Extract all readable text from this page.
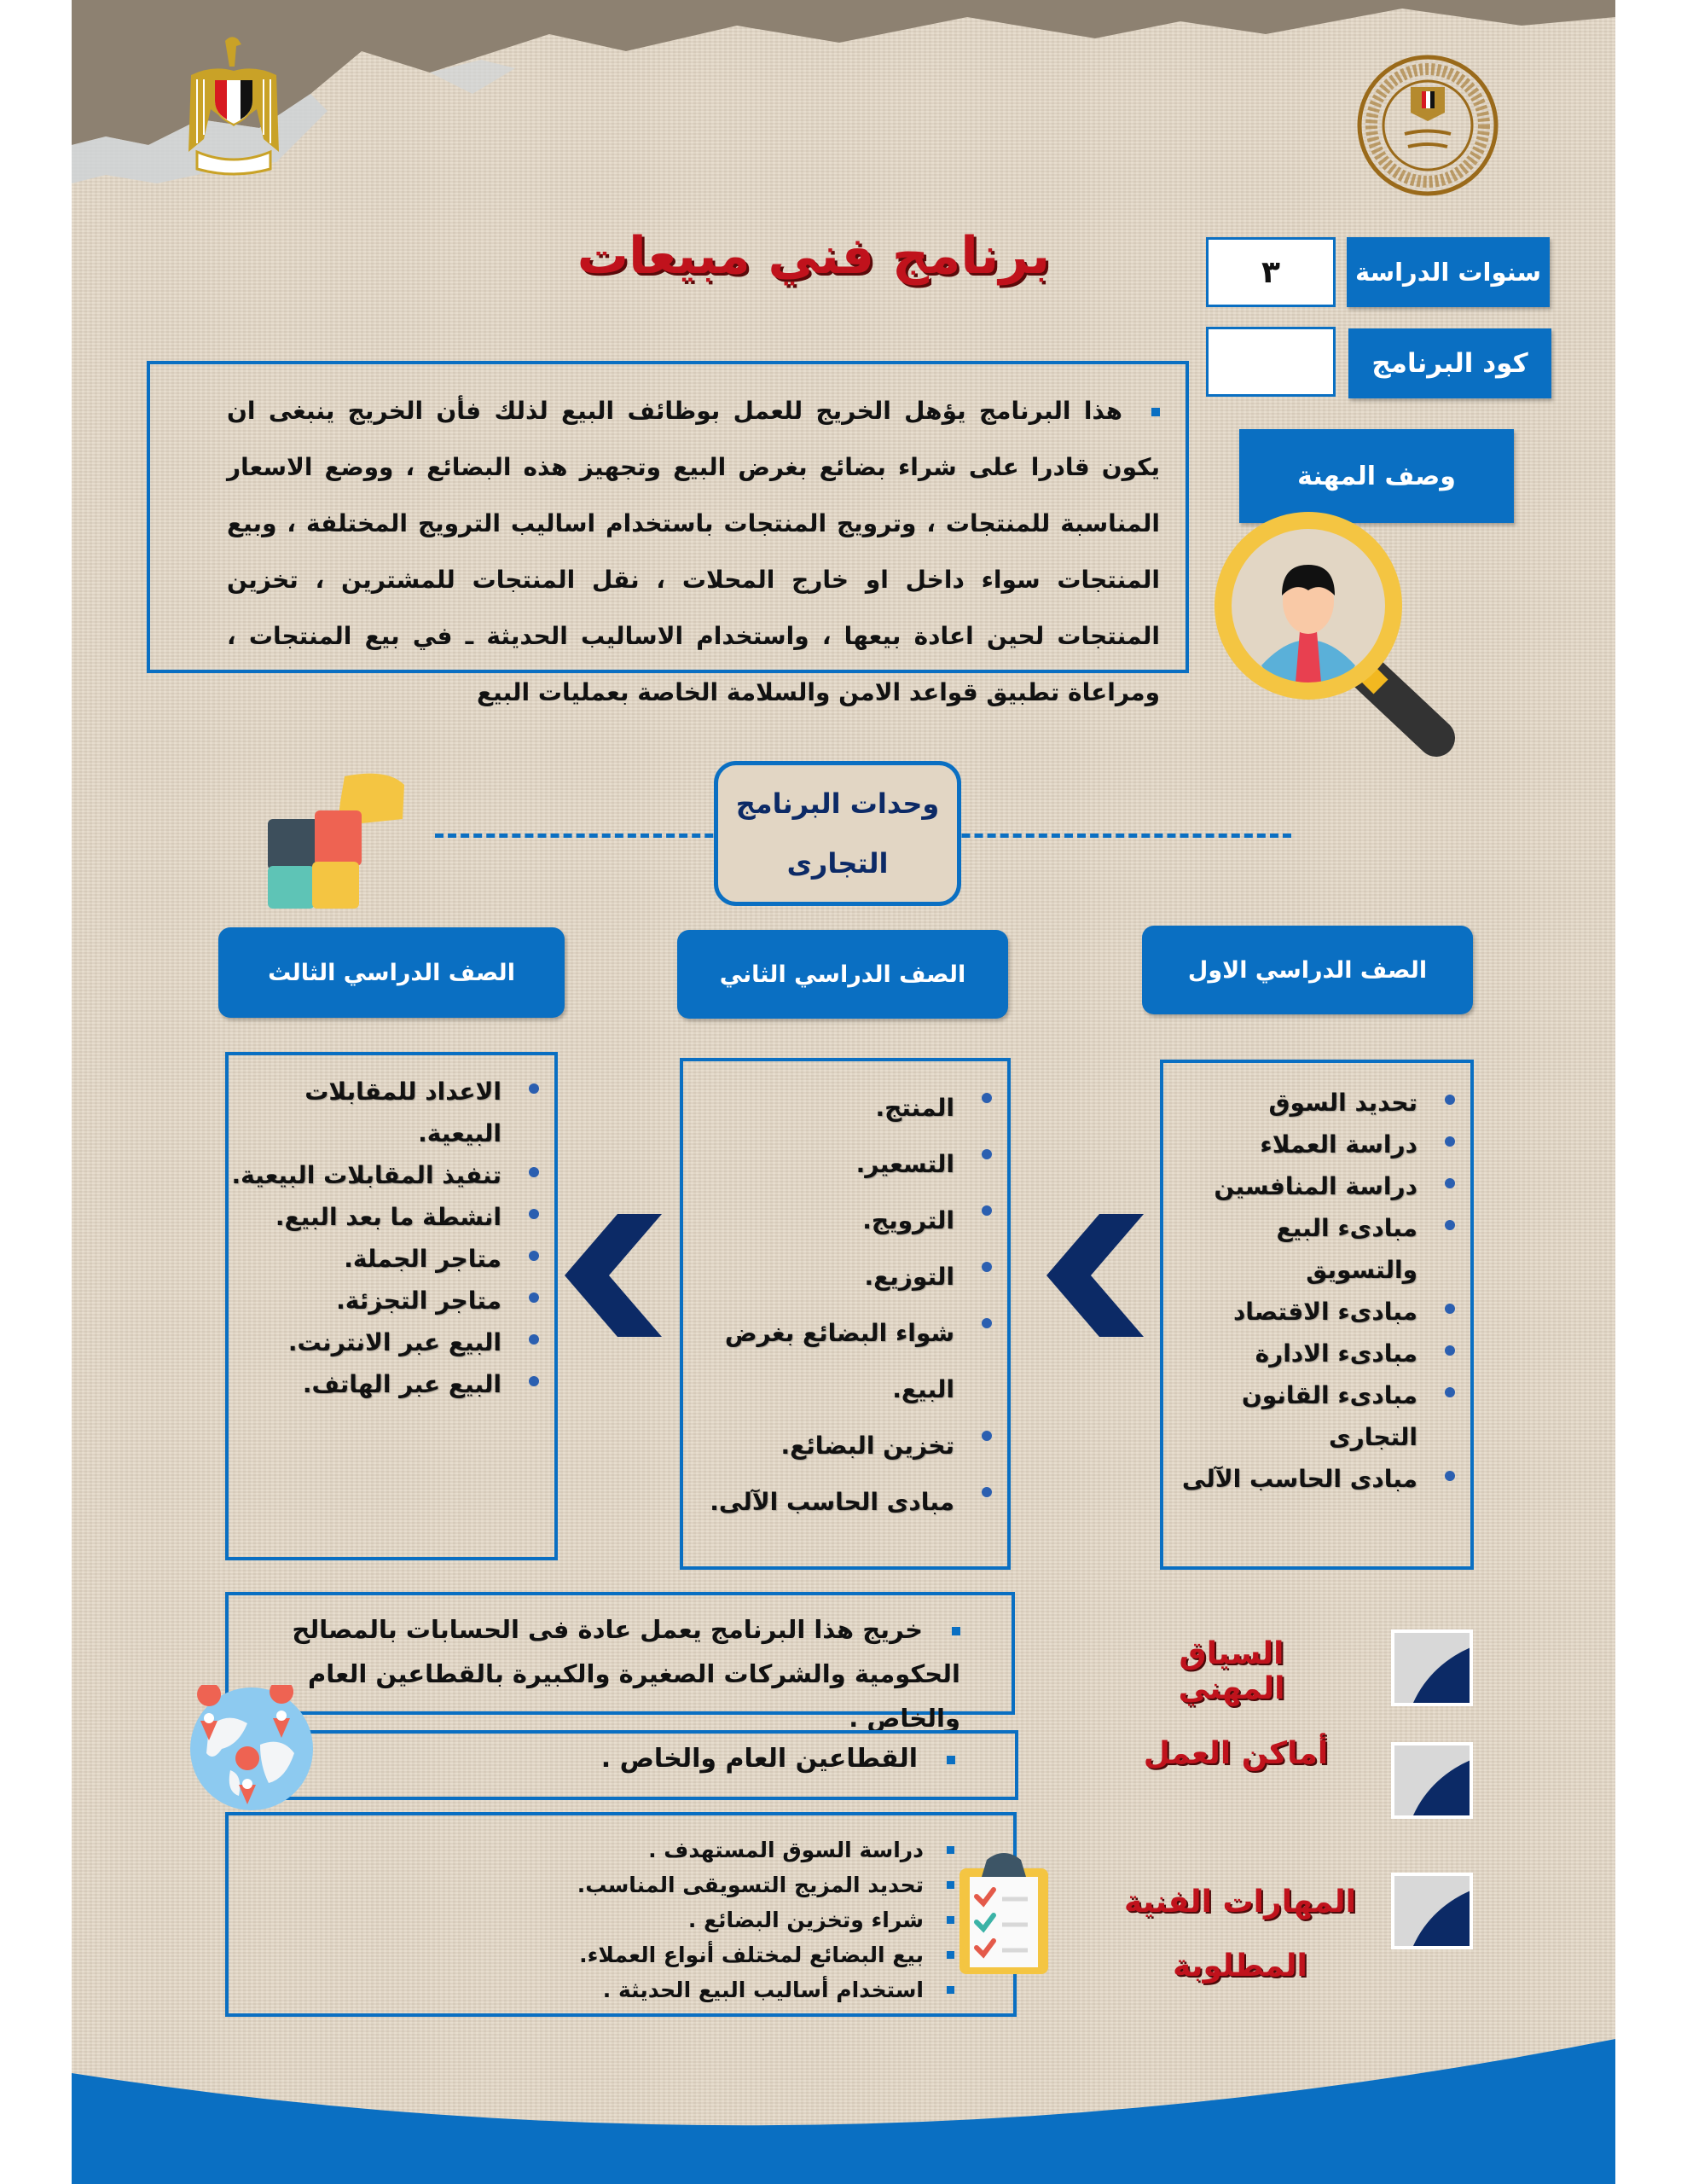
برنامج فني مبيعات	سنوات الدراسة
٣
كود البرنامج
وصف المهنة
هذا البرنامج يؤهل الخريج للعمل بوظائف البيع لذلك فأن الخريج ينبغى ان يكون قادرا على شراء بضائع بغرض البيع وتجهيز هذه البضائع ، ووضع الاسعار المناسبة للمنتجات ، وترويج المنتجات باستخدام اساليب الترويج المختلفة ، وبيع المنتجات سواء داخل او خارج المحلات ، نقل المنتجات للمشترين ، تخزين المنتجات لحين اعادة بيعها ، واستخدام الاساليب الحديثة ـ في بيع المنتجات ، ومراعاة تطبيق قواعد الامن والسلامة الخاصة بعمليات البيع
وحدات البرنامج
التجارى
الصف الدراسي الاول
الصف الدراسي الثاني
الصف الدراسي الثالث
تحديد السوق
دراسة العملاء
دراسة المنافسين
مبادىء البيع والتسويق
مبادىء الاقتصاد
مبادىء الادارة
مبادىء القانون التجارى
مبادى الحاسب الآلى
المنتج.
التسعير.
الترويج.
التوزيع.
شواء البضائع بغرض البيع.
تخزين البضائع.
مبادى الحاسب الآلى.
الاعداد للمقابلات البيعية.
تنفيذ المقابلات البيعية.
انشطة ما بعد البيع.
متاجر الجملة.
متاجر التجزئة.
البيع عبر الانترنت.
البيع عبر الهاتف.
خريج هذا البرنامج يعمل عادة فى الحسابات بالمصالح الحكومية والشركات الصغيرة والكبيرة بالقطاعين العام والخاص .
السياق المهني
القطاعين العام والخاص .	أماكن العمل
دراسة السوق المستهدف .
تحديد المزيج التسويقى المناسب.
شراء وتخزين البضائع .
بيع البضائع لمختلف أنواع العملاء.
استخدام أساليب البيع الحديثة .
المهارات الفنية
المطلوبة
